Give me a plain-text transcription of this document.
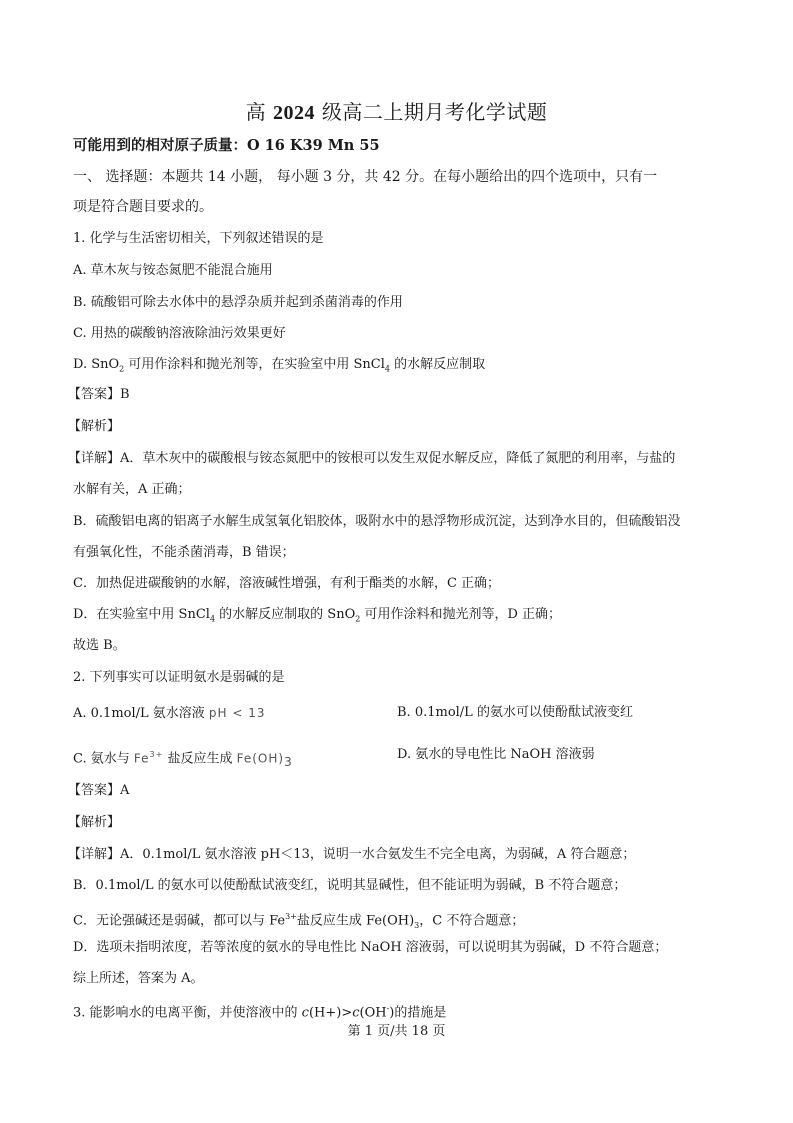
高 2024 级高二上期月考化学试题
可能用到的相对原子质量：O 16 K39 Mn 55
一、 选择题：本题共 14 小题， 每小题 3 分，共 42 分。在每小题给出的四个选项中，只有一
项是符合题目要求的。
1. 化学与生活密切相关，下列叙述错误的是
A. 草木灰与铵态氮肥不能混合施用
B. 硫酸铝可除去水体中的悬浮杂质并起到杀菌消毒的作用
C. 用热的碳酸钠溶液除油污效果更好
D. SnO$_2$ 可用作涂料和抛光剂等，在实验室中用 SnCl$_4$ 的水解反应制取
【答案】B
【解析】
【详解】A．草木灰中的碳酸根与铵态氮肥中的铵根可以发生双促水解反应，降低了氮肥的利用率，与盐的
水解有关，A 正确；
B．硫酸铝电离的铝离子水解生成氢氧化铝胶体，吸附水中的悬浮物形成沉淀，达到净水目的，但硫酸铝没
有强氧化性，不能杀菌消毒，B 错误；
C．加热促进碳酸钠的水解，溶液碱性增强，有利于酯类的水解，C 正确；
D．在实验室中用 SnCl$_4$ 的水解反应制取的 SnO$_2$ 可用作涂料和抛光剂等，D 正确；
故选 B。
2. 下列事实可以证明氨水是弱碱的是
A. 0.1mol/L 氨水溶液 pH < 13	B. 0.1mol/L 的氨水可以使酚酞试液变红
C. 氨水与 $Fe^{3+}$ 盐反应生成 $Fe(OH)_3$	D. 氨水的导电性比 NaOH 溶液弱
【答案】A
【解析】
【详解】A．0.1mol/L 氨水溶液 pH＜13，说明一水合氨发生不完全电离，为弱碱，A 符合题意；
B．0.1mol/L 的氨水可以使酚酞试液变红，说明其显碱性，但不能证明为弱碱，B 不符合题意；
C．无论强碱还是弱碱，都可以与 $Fe^{3+}$盐反应生成 $Fe(OH)_3$，C 不符合题意；
D．选项未指明浓度，若等浓度的氨水的导电性比 NaOH 溶液弱，可以说明其为弱碱，D 不符合题意；
综上所述，答案为 A。
3. 能影响水的电离平衡，并使溶液中的 c(H+)>c(OH-)的措施是
第 1 页/共 18 页
